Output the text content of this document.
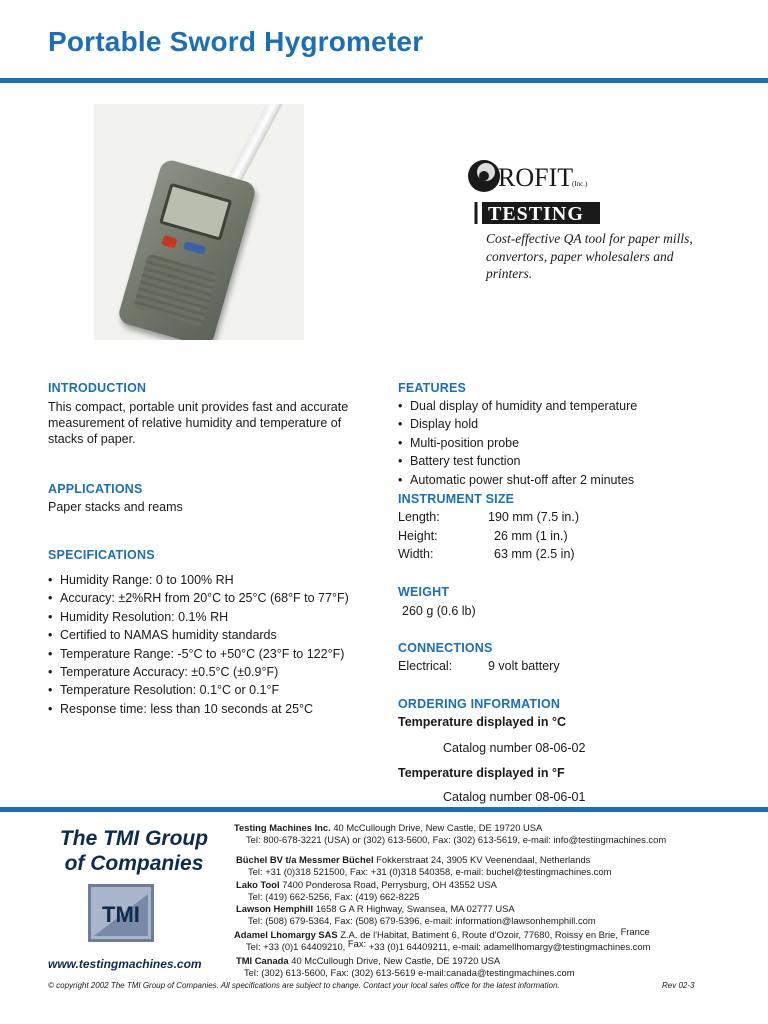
Portable Sword Hygrometer
ROFIT
(Inc.)
TESTING
Cost-effective QA tool for paper mills, convertors, paper wholesalers and printers.
INTRODUCTION
This compact, portable unit provides fast and accurate measurement of relative humidity and temperature of stacks of paper.
APPLICATIONS
Paper stacks and reams
SPECIFICATIONS
• Humidity Range: 0 to 100% RH
• Accuracy: ±2%RH from 20°C to 25°C (68°F to 77°F)
• Humidity Resolution: 0.1% RH
• Certified to NAMAS humidity standards
• Temperature Range: -5°C to +50°C (23°F to 122°F)
• Temperature Accuracy: ±0.5°C (±0.9°F)
• Temperature Resolution: 0.1°C or 0.1°F
• Response time: less than 10 seconds at 25°C
FEATURES
• Dual display of humidity and temperature
• Display hold
• Multi-position probe
• Battery test function
• Automatic power shut-off after 2 minutes
INSTRUMENT SIZE
Length:	190 mm (7.5 in.)
Height:	26 mm (1 in.)
Width:	63 mm (2.5 in)
WEIGHT
260 g (0.6 lb)
CONNECTIONS
Electrical:	9 volt battery
ORDERING INFORMATION
Temperature displayed in °C
Catalog number 08-06-02
Temperature displayed in °F
Catalog number 08-06-01
The TMI Group
of Companies
TMI
www.testingmachines.com
Testing Machines Inc. 40 McCullough Drive, New Castle, DE 19720 USA
Tel: 800-678-3221 (USA) or (302) 613-5600, Fax: (302) 613-5619, e-mail: info@testingmachines.com
Büchel BV t/a Messmer Büchel Fokkerstraat 24, 3905 KV Veenendaal, Netherlands
Tel: +31 (0)318 521500, Fax: +31 (0)318 540358, e-mail: buchel@testingmachines.com
Lako Tool 7400 Ponderosa Road, Perrysburg, OH 43552 USA
Tel: (419) 662-5256, Fax: (419) 662-8225
Lawson Hemphill 1658 G A R Highway, Swansea, MA 02777 USA
Tel: (508) 679-5364, Fax: (508) 679-5396, e-mail: information@lawsonhemphill.com
Adamel Lhomargy SAS Z.A. de l'Habitat, Batiment 6, Route d'Ozoir, 77680, Roissy en Brie, France
Tel: +33 (0)1 64409210, Fax: +33 (0)1 64409211, e-mail: adamellhomargy@testingmachines.com
TMI Canada 40 McCullough Drive, New Castle, DE 19720 USA
Tel: (302) 613-5600, Fax: (302) 613-5619 e-mail:canada@testingmachines.com
© copyright 2002 The TMI Group of Companies. All specifications are subject to change. Contact your local sales office for the latest information.	Rev 02-3
